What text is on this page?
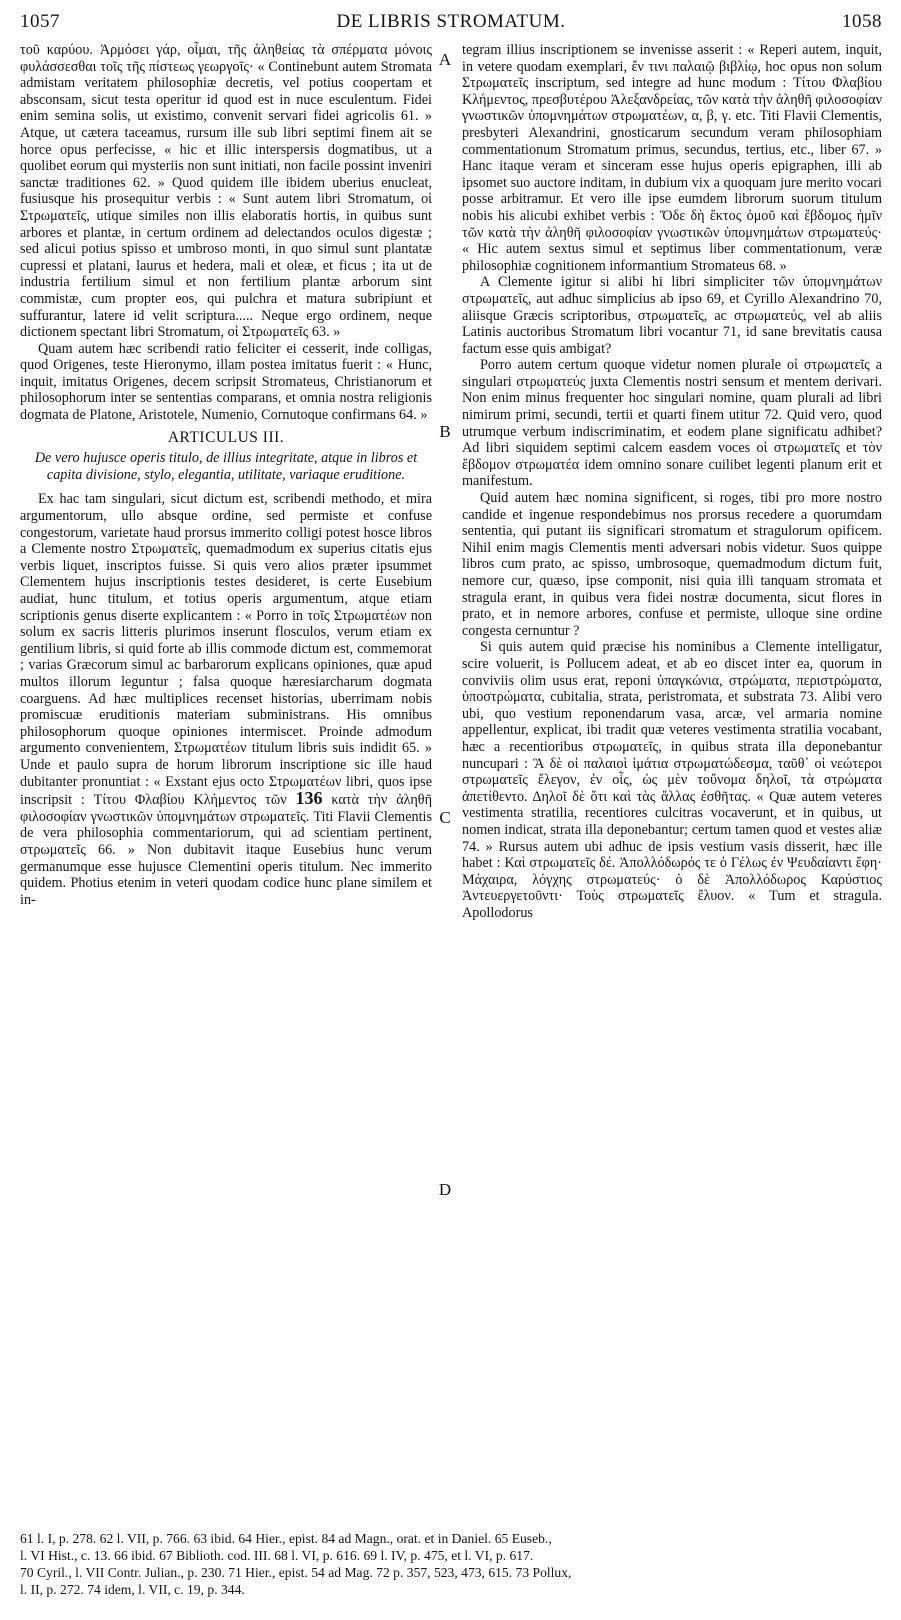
1057	DE LIBRIS STROMATUM.	1058

τοῦ καρύου. Ἁρμόσει γάρ, οἶμαι, τῆς ἀληθείας τὰ σπέρματα μόνοις φυλάσσεσθαι τοῖς τῆς πίστεως γεωργοῖς· « Continebunt autem Stromata admistam veritatem philosophiæ decretis, vel potius coopertam et absconsam, sicut testa operitur id quod est in nuce esculentum. Fidei enim semina solis, ut existimo, convenit servari fidei agricolis 61. » Atque, ut cætera taceamus, rursum ille sub libri septimi finem ait se horce opus perfecisse, « hic et illic interspersis dogmatibus, ut a quolibet eorum qui mysteriis non sunt initiati, non facile possint inveniri sanctæ traditiones 62. » Quod quidem ille ibidem uberius enucleat, fusiusque his prosequitur verbis : « Sunt autem libri Stromatum, οἱ Στρωματεῖς, utique similes non illis elaboratis hortis, in quibus sunt arbores et plantæ, in certum ordinem ad delectandos oculos digestæ ; sed alicui potius spisso et umbroso monti, in quo simul sunt plantatæ cupressi et platani, laurus et hedera, mali et oleæ, et ficus ; ita ut de industria fertilium simul et non fertilium plantæ arborum sint commistæ, cum propter eos, qui pulchra et matura subripiunt et suffurantur, latere id velit scriptura..... Neque ergo ordinem, neque dictionem spectant libri Stromatum, οἱ Στρωματεῖς 63. »

Quam autem hæc scribendi ratio feliciter ei cesserit, inde colligas, quod Origenes, teste Hieronymo, illam postea imitatus fuerit : « Hunc, inquit, imitatus Origenes, decem scripsit Stromateus, Christianorum et philosophorum inter se sententias comparans, et omnia nostra religionis dogmata de Platone, Aristotele, Numenio, Cornutoque confirmans 64. »

ARTICULUS III.
De vero hujusce operis titulo, de illius integritate, atque in libros et capita divisione, stylo, elegantia, utilitate, variaque eruditione.

Ex hac tam singulari, sicut dictum est, scribendi methodo, et mira argumentorum, ullo absque ordine, sed permiste et confuse congestorum, varietate haud prorsus immerito colligi potest hosce libros a Clemente nostro Στρωματεῖς, quemadmodum ex superius citatis ejus verbis liquet, inscriptos fuisse. Si quis vero alios præter ipsummet Clementem hujus inscriptionis testes desideret, is certe Eusebium audiat, hunc titulum, et totius operis argumentum, atque etiam scriptionis genus diserte explicantem : « Porro in τοῖς Στρωματέων non solum ex sacris litteris plurimos inserunt flosculos, verum etiam ex gentilium libris, si quid forte ab illis commode dictum est, commemorat ; varias Græcorum simul ac barbarorum explicans opiniones, quæ apud multos illorum leguntur ; falsa quoque hæresiarcharum dogmata coarguens. Ad hæc multiplices recenset historias, uberrimam nobis promiscuæ eruditionis materiam subministrans. His omnibus philosophorum quoque opiniones intermiscet. Proinde admodum argumento convenientem, Στρωματέων titulum libris suis indidit 65. » Unde et paulo supra de horum librorum inscriptione sic ille haud dubitanter pronuntiat : « Exstant ejus octo Στρωματέων libri, quos ipse inscripsit : Τίτου Φλαβίου Κλήμεντος τῶν 136 κατὰ τὴν ἀληθῆ φιλοσοφίαν γνωστικῶν ὑπομνημάτων στρωματεῖς. Titi Flavii Clementis de vera philosophia commentariorum, qui ad scientiam pertinent, στρωματεῖς 66. » Non dubitavit itaque Eusebius hunc verum germanumque esse hujusce Clementini operis titulum. Nec immerito quidem. Photius etenim in veteri quodam codice hunc plane similem et in-

A
B
C
D

tegram illius inscriptionem se invenisse asserit : « Reperi autem, inquit, in vetere quodam exemplari, ἔν τινι παλαιῷ βιβλίῳ, hoc opus non solum Στρωματεῖς inscriptum, sed integre ad hunc modum : Τίτου Φλαβίου Κλήμεντος, πρεσβυτέρου Ἀλεξανδρείας, τῶν κατὰ τὴν ἀληθῆ φιλοσοφίαν γνωστικῶν ὑπομνημάτων στρωματέων, α, β, γ. etc. Titi Flavii Clementis, presbyteri Alexandrini, gnosticarum secundum veram philosophiam commentationum Stromatum primus, secundus, tertius, etc., liber 67. » Hanc itaque veram et sinceram esse hujus operis epigraphen, illi ab ipsomet suo auctore inditam, in dubium vix a quoquam jure merito vocari posse arbitramur. Et vero ille ipse eumdem librorum suorum titulum nobis his alicubi exhibet verbis : Ὅδε δὴ ἕκτος ὁμοῦ καὶ ἕβδομος ἡμῖν τῶν κατὰ τὴν ἀληθῆ φιλοσοφίαν γνωστικῶν ὑπομνημάτων στρωματεύς· « Hic autem sextus simul et septimus liber commentationum, veræ philosophiæ cognitionem informantium Stromateus 68. »

A Clemente igitur si alibi hi libri simpliciter τῶν ὑπομνημάτων στρωματεῖς, aut adhuc simplicius ab ipso 69, et Cyrillo Alexandrino 70, aliisque Græcis scriptoribus, στρωματεῖς, ac στρωματεύς, vel ab aliis Latinis auctoribus Stromatum libri vocantur 71, id sane brevitatis causa factum esse quis ambigat?

Porro autem certum quoque videtur nomen plurale οἱ στρωματεῖς a singulari στρωματεύς juxta Clementis nostri sensum et mentem derivari. Non enim minus frequenter hoc singulari nomine, quam plurali ad libri nimirum primi, secundi, tertii et quarti finem utitur 72. Quid vero, quod utrumque verbum indiscriminatim, et eodem plane significatu adhibet? Ad libri siquidem septimi calcem easdem voces οἱ στρωματεῖς et τὸν ἕβδομον στρωματέα idem omnino sonare cuilibet legenti planum erit et manifestum.

Quid autem hæc nomina significent, si roges, tibi pro more nostro candide et ingenue respondebimus nos prorsus recedere a quorumdam sententia, qui putant iis significari stromatum et stragulorum opificem. Nihil enim magis Clementis menti adversari nobis videtur. Suos quippe libros cum prato, ac spisso, umbrosoque, quemadmodum dictum fuit, nemore cur, quæso, ipse componit, nisi quia illi tanquam stromata et stragula erant, in quibus vera fidei nostræ documenta, sicut flores in prato, et in nemore arbores, confuse et permiste, ulloque sine ordine congesta cernuntur ?

Si quis autem quid præcise his nominibus a Clemente intelligatur, scire voluerit, is Pollucem adeat, et ab eo discet inter ea, quorum in conviviis olim usus erat, reponi ὑπαγκώνια, στρώματα, περιστρώματα, ὑποστρώματα, cubitalia, strata, peristromata, et substrata 73. Alibi vero ubi, quo vestium reponendarum vasa, arcæ, vel armaria nomine appellentur, explicat, ibi tradit quæ veteres vestimenta stratilia vocabant, hæc a recentioribus στρωματεῖς, in quibus strata illa deponebantur nuncupari : Ἃ δὲ οἱ παλαιοὶ ἱμάτια στρωματώδεσμα, ταῦθ᾽ οἱ νεώτεροι στρωματεῖς ἔλεγον, ἐν οἷς, ὡς μὲν τοὔνομα δηλοῖ, τὰ στρώματα ἀπετίθεντο. Δηλοῖ δὲ ὅτι καὶ τὰς ἄλλας ἐσθῆτας. « Quæ autem veteres vestimenta stratilia, recentiores culcitras vocaverunt, et in quibus, ut nomen indicat, strata illa deponebantur; certum tamen quod et vestes aliæ 74. » Rursus autem ubi adhuc de ipsis vestium vasis disserit, hæc ille habet : Καὶ στρωματεῖς δέ. Ἀπολλόδωρός τε ὁ Γέλως ἐν Ψευδαίαντι ἔφη· Μάχαιρα, λόγχης στρωματεύς· ὁ δὲ Ἀπολλόδωρος Καρύστιος Ἀντευεργετοῦντι· Τοὺς στρωματεῖς ἔλυον. « Tum et stragula. Apollodorus

61 l. I, p. 278. 62 l. VII, p. 766. 63 ibid. 64 Hier., epist. 84 ad Magn., orat. et in Daniel. 65 Euseb.,
l. VI Hist., c. 13. 66 ibid. 67 Biblioth. cod. III. 68 l. VI, p. 616. 69 l. IV, p. 475, et l. VI, p. 617.
70 Cyril., l. VII Contr. Julian., p. 230. 71 Hier., epist. 54 ad Mag. 72 p. 357, 523, 473, 615. 73 Pollux,
l. II, p. 272. 74 idem, l. VII, c. 19, p. 344.
